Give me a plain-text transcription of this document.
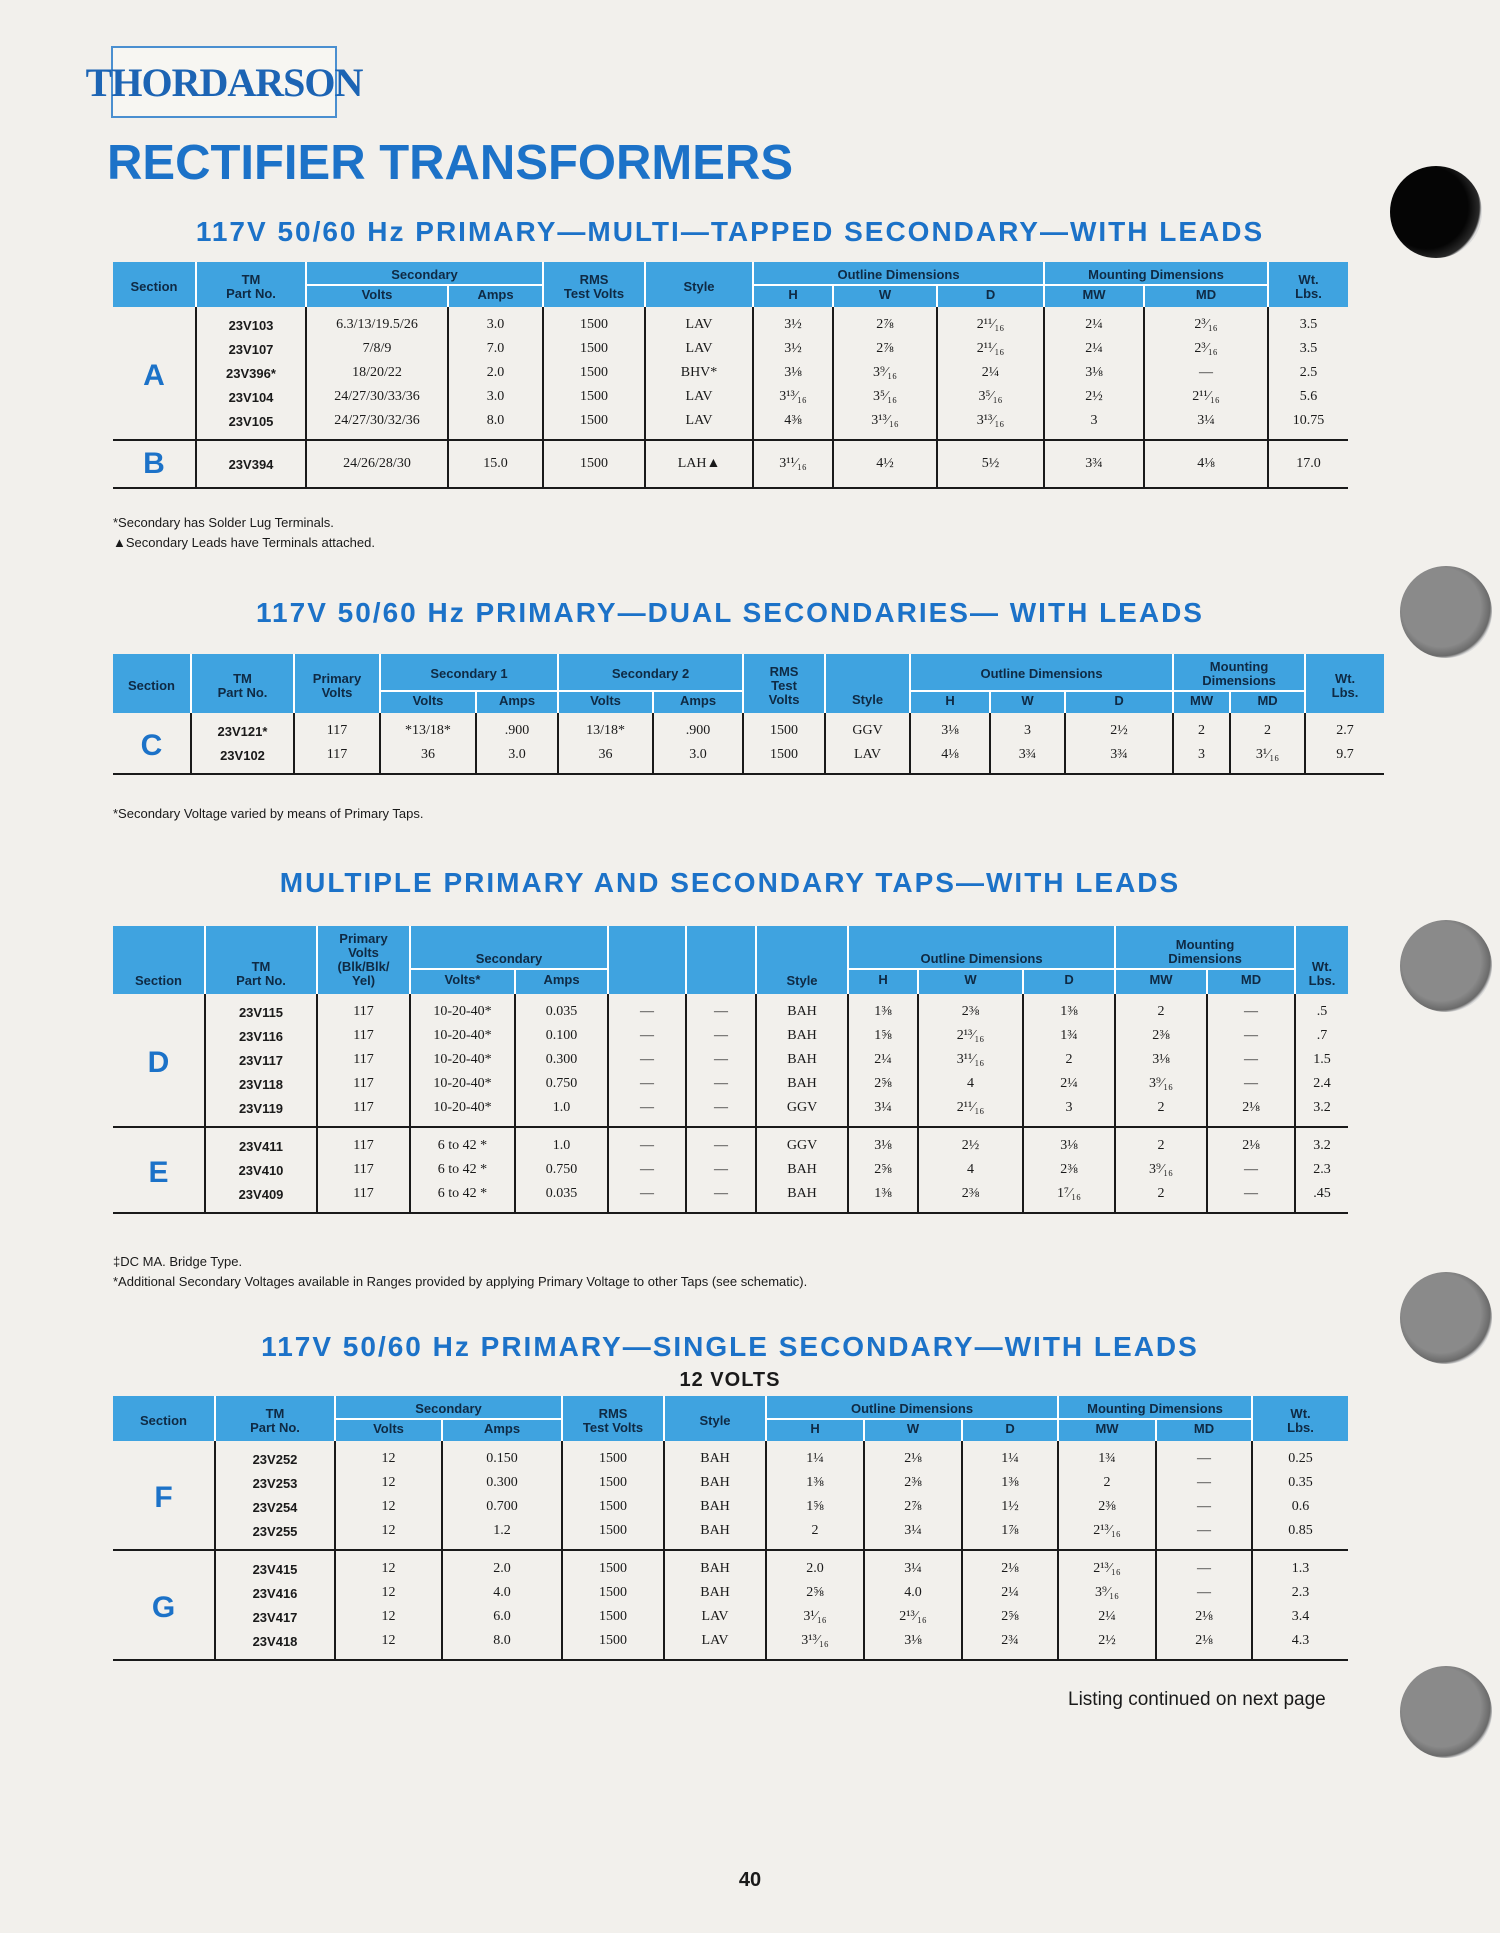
THORDARSON
RECTIFIER TRANSFORMERS
117V 50/60 Hz PRIMARY—MULTI—TAPPED SECONDARY—WITH LEADS
Section	TM
Part No.	Secondary		RMS
Test Volts	Style	Outline Dimensions			Mounting Dimensions		Wt.
Lbs.
		Volts	Amps			H	W	D	MW	MD	
A	23V103	6.3/13/19.5/26	3.0	1500	LAV	3½	2⅞	2¹¹⁄₁₆	2¼	2³⁄₁₆	3.5
	23V107	7/8/9	7.0	1500	LAV	3½	2⅞	2¹¹⁄₁₆	2¼	2³⁄₁₆	3.5
	23V396*	18/20/22	2.0	1500	BHV*	3⅛	3⁹⁄₁₆	2¼	3⅛	—	2.5
	23V104	24/27/30/33/36	3.0	1500	LAV	3¹³⁄₁₆	3⁵⁄₁₆	3⁵⁄₁₆	2½	2¹¹⁄₁₆	5.6
	23V105	24/27/30/32/36	8.0	1500	LAV	4⅜	3¹³⁄₁₆	3¹³⁄₁₆	3	3¼	10.75
B	23V394	24/26/28/30	15.0	1500	LAH▲	3¹¹⁄₁₆	4½	5½	3¾	4⅛	17.0
*Secondary has Solder Lug Terminals.
▲Secondary Leads have Terminals attached.
117V 50/60 Hz PRIMARY—DUAL SECONDARIES— WITH LEADS
Section	TM
Part No.	Primary
Volts	Secondary 1		Secondary 2		RMS
Test
Volts	Style	Outline Dimensions			Mounting
Dimensions		Wt.
Lbs.
			Volts	Amps	Volts	Amps			H	W	D	MW	MD	
C	23V121*	117	*13/18*	.900	13/18*	.900	1500	GGV	3⅛	3	2½	2	2	2.7
	23V102	117	36	3.0	36	3.0	1500	LAV	4⅛	3¾	3¾	3	3¹⁄₁₆	9.7
*Secondary Voltage varied by means of Primary Taps.
MULTIPLE PRIMARY AND SECONDARY TAPS—WITH LEADS
Section	TM
Part No.	Primary
Volts
(Blk/Blk/
Yel)	Secondary				Style	Outline Dimensions			Mounting
Dimensions		Wt.
Lbs.
			Volts*	Amps				H	W	D	MW	MD	
D	23V115	117	10-20-40*	0.035	—	—	BAH	1⅜	2⅜	1⅜	2	—	.5
	23V116	117	10-20-40*	0.100	—	—	BAH	1⅝	2¹³⁄₁₆	1¾	2⅜	—	.7
	23V117	117	10-20-40*	0.300	—	—	BAH	2¼	3¹¹⁄₁₆	2	3⅛	—	1.5
	23V118	117	10-20-40*	0.750	—	—	BAH	2⅝	4	2¼	3⁹⁄₁₆	—	2.4
	23V119	117	10-20-40*	1.0	—	—	GGV	3¼	2¹¹⁄₁₆	3	2	2⅛	3.2
E	23V411	117	6 to 42 *	1.0	—	—	GGV	3⅛	2½	3⅛	2	2⅛	3.2
	23V410	117	6 to 42 *	0.750	—	—	BAH	2⅝	4	2⅜	3⁹⁄₁₆	—	2.3
	23V409	117	6 to 42 *	0.035	—	—	BAH	1⅜	2⅜	1⁷⁄₁₆	2	—	.45
‡DC MA. Bridge Type.
*Additional Secondary Voltages available in Ranges provided by applying Primary Voltage to other Taps (see schematic).
117V 50/60 Hz PRIMARY—SINGLE SECONDARY—WITH LEADS
12 VOLTS
Section	TM
Part No.	Secondary		RMS
Test Volts	Style	Outline Dimensions			Mounting Dimensions		Wt.
Lbs.
		Volts	Amps			H	W	D	MW	MD	
F	23V252	12	0.150	1500	BAH	1¼	2⅛	1¼	1¾	—	0.25
	23V253	12	0.300	1500	BAH	1⅜	2⅜	1⅜	2	—	0.35
	23V254	12	0.700	1500	BAH	1⅝	2⅞	1½	2⅜	—	0.6
	23V255	12	1.2	1500	BAH	2	3¼	1⅞	2¹³⁄₁₆	—	0.85
G	23V415	12	2.0	1500	BAH	2.0	3¼	2⅛	2¹³⁄₁₆	—	1.3
	23V416	12	4.0	1500	BAH	2⅝	4.0	2¼	3⁹⁄₁₆	—	2.3
	23V417	12	6.0	1500	LAV	3¹⁄₁₆	2¹³⁄₁₆	2⅝	2¼	2⅛	3.4
	23V418	12	8.0	1500	LAV	3¹³⁄₁₆	3⅛	2¾	2½	2⅛	4.3
Listing continued on next page
40
